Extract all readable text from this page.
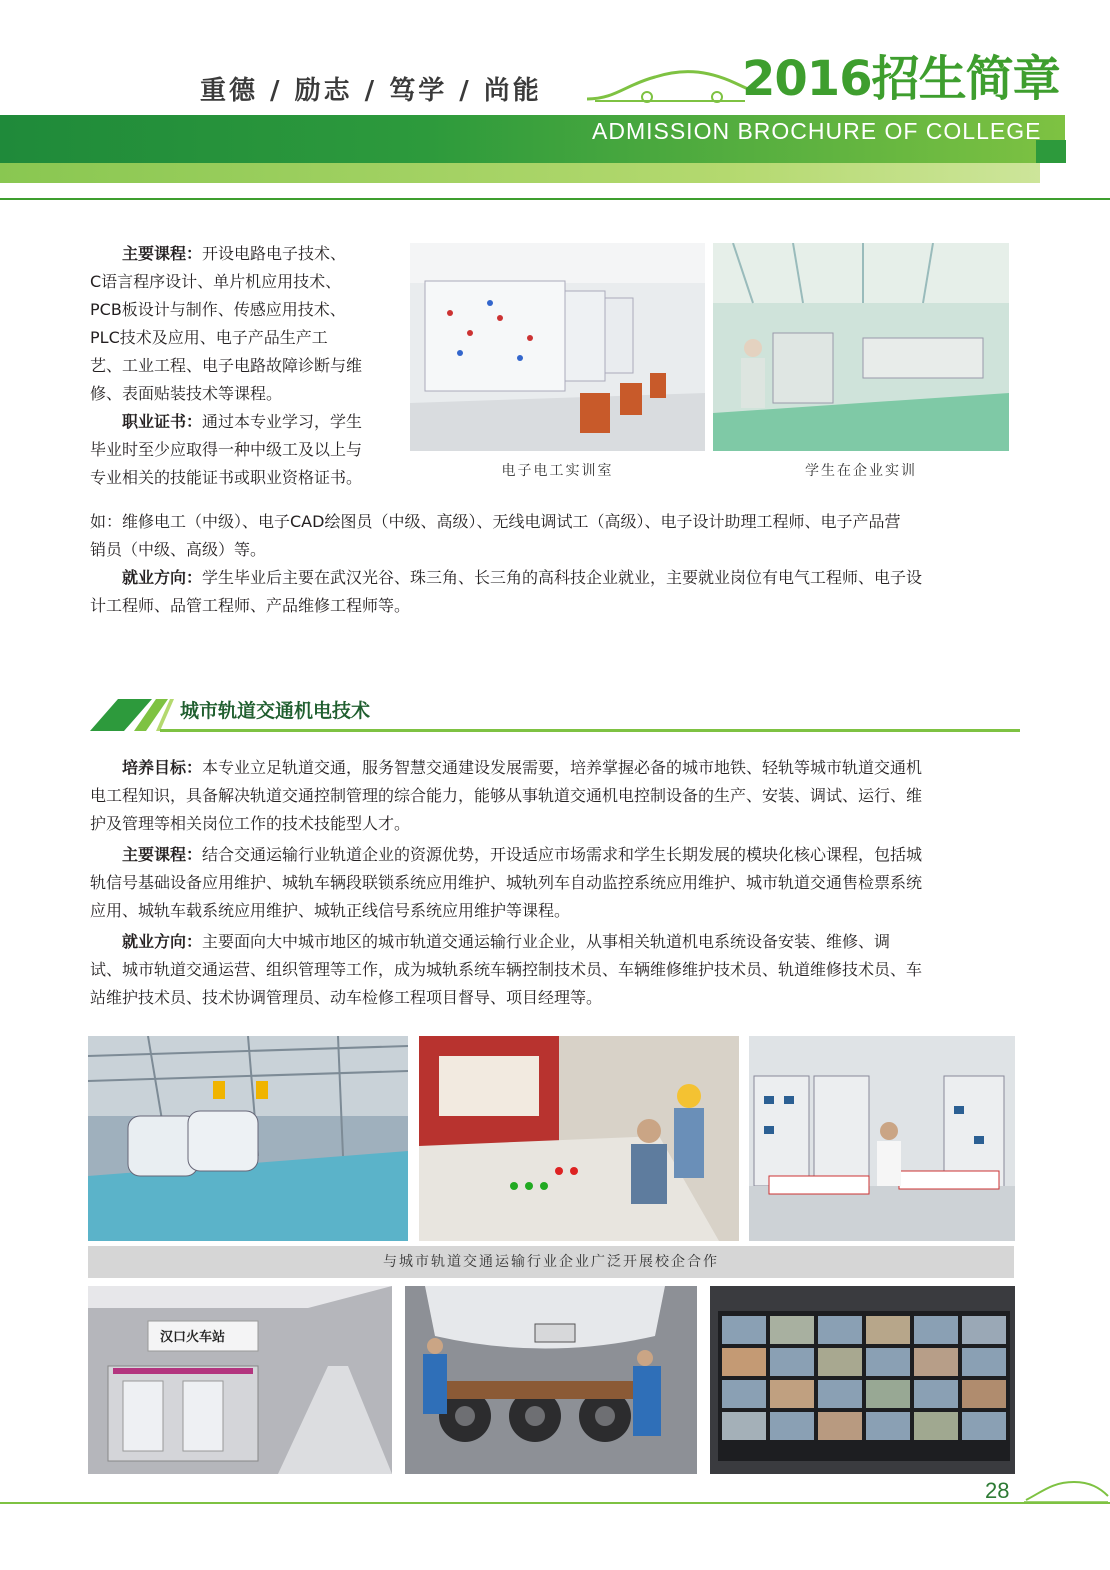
重德 / 励志 / 笃学 / 尚能	2016招生简章
ADMISSION BROCHURE OF COLLEGE
主要课程：开设电路电子技术、
C语言程序设计、单片机应用技术、
PCB板设计与制作、传感应用技术、
PLC技术及应用、电子产品生产工
艺、工业工程、电子电路故障诊断与维
修、表面贴装技术等课程。
职业证书：通过本专业学习，学生
毕业时至少应取得一种中级工及以上与
专业相关的技能证书或职业资格证书。	电子电工实训室	学生在企业实训
如：维修电工（中级）、电子CAD绘图员（中级、高级）、无线电调试工（高级）、电子设计助理工程师、电子产品营
销员（中级、高级）等。
就业方向：学生毕业后主要在武汉光谷、珠三角、长三角的高科技企业就业，主要就业岗位有电气工程师、电子设
计工程师、品管工程师、产品维修工程师等。
城市轨道交通机电技术
培养目标：本专业立足轨道交通，服务智慧交通建设发展需要，培养掌握必备的城市地铁、轻轨等城市轨道交通机
电工程知识，具备解决轨道交通控制管理的综合能力，能够从事轨道交通机电控制设备的生产、安装、调试、运行、维
护及管理等相关岗位工作的技术技能型人才。
主要课程：结合交通运输行业轨道企业的资源优势，开设适应市场需求和学生长期发展的模块化核心课程，包括城
轨信号基础设备应用维护、城轨车辆段联锁系统应用维护、城轨列车自动监控系统应用维护、城市轨道交通售检票系统
应用、城轨车载系统应用维护、城轨正线信号系统应用维护等课程。
就业方向：主要面向大中城市地区的城市轨道交通运输行业企业，从事相关轨道机电系统设备安装、维修、调
试、城市轨道交通运营、组织管理等工作，成为城轨系统车辆控制技术员、车辆维修维护技术员、轨道维修技术员、车
站维护技术员、技术协调管理员、动车检修工程项目督导、项目经理等。
与城市轨道交通运输行业企业广泛开展校企合作
汉口火车站
28
